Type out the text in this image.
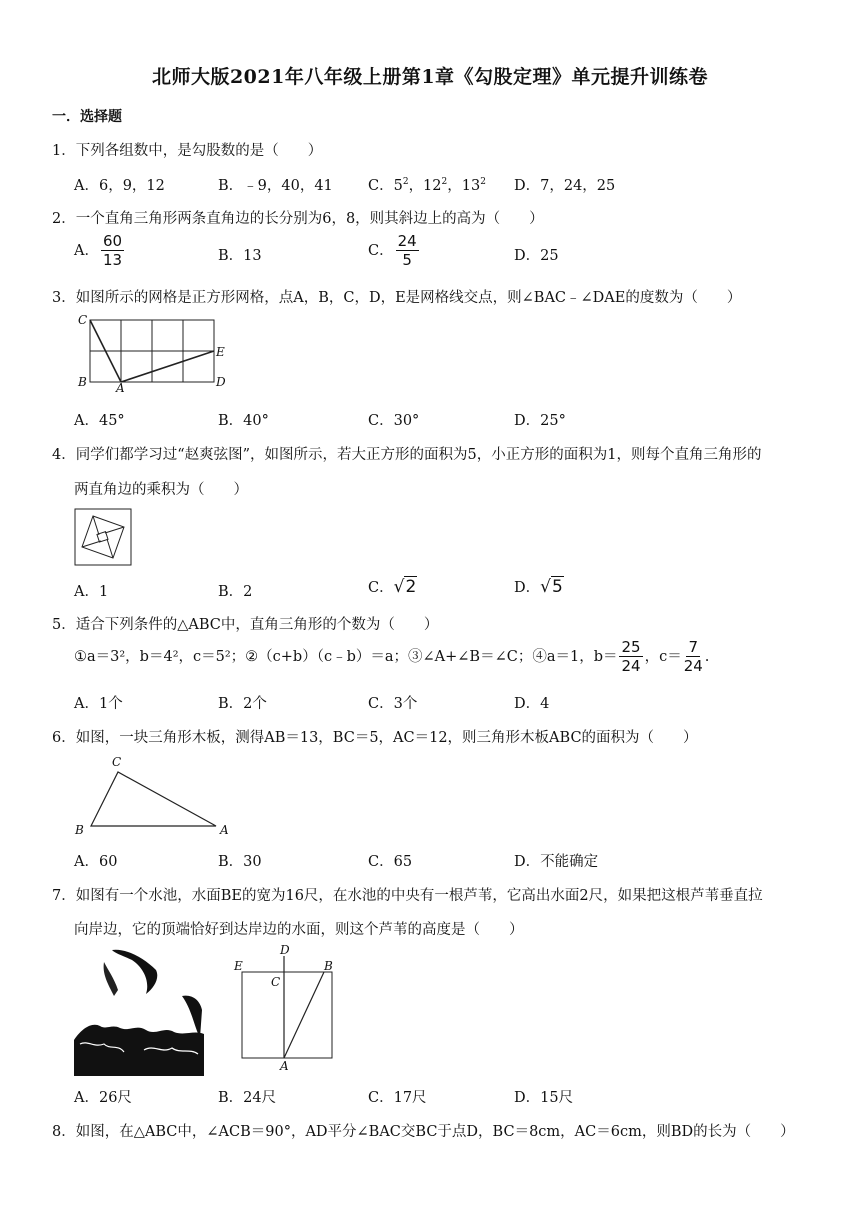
北师大版2021年八年级上册第1章《勾股定理》单元提升训练卷
一．选择题
1．下列各组数中，是勾股数的是（　　）
A．6，9，12	B．﹣9，40，41 C．$5^2$，$12^2$，$13^2$ D．7，24，25
2．一个直角三角形两条直角边的长分别为6，8，则其斜边上的高为（　　）
A． $\frac{60}{13}$	B．13	C． $\frac{24}{5}$	D．25
3．如图所示的网格是正方形网格，点A，B，C，D，E是网格线交点，则∠BAC﹣∠DAE的度数为（　　）
C
B A
E
D
A．45°	B．40°	C．30°	D．25°
4．同学们都学习过“赵爽弦图”，如图所示，若大正方形的面积为5，小正方形的面积为1，则每个直角三角形的
两直角边的乘积为（　　）
A．1	B．2	C．√2	D．√5
5．适合下列条件的△ABC中，直角三角形的个数为（　　）
①a＝3²，b＝4²，c＝5²；②（c+b）（c﹣b）＝a；③∠A+∠B＝∠C；④a＝1，$b= \frac{25}{24}$ ，$c= \frac{7}{24}$ .
A．1个	B．2个	C．3个	D．4
6．如图，一块三角形木板，测得AB＝13，BC＝5，AC＝12，则三角形木板ABC的面积为（　　）
C
B	A
A．60	B．30	C．65	D．不能确定
7．如图有一个水池，水面BE的宽为16尺，在水池的中央有一根芦苇，它高出水面2尺，如果把这根芦苇垂直拉
向岸边，它的顶端恰好到达岸边的水面，则这个芦苇的高度是（　　）
D
E	B
C
A
A．26尺	B．24尺	C．17尺	D．15尺
8．如图，在△ABC中，∠ACB＝90°，AD平分∠BAC交BC于点D，BC＝8cm，AC＝6cm，则BD的长为（　　）
